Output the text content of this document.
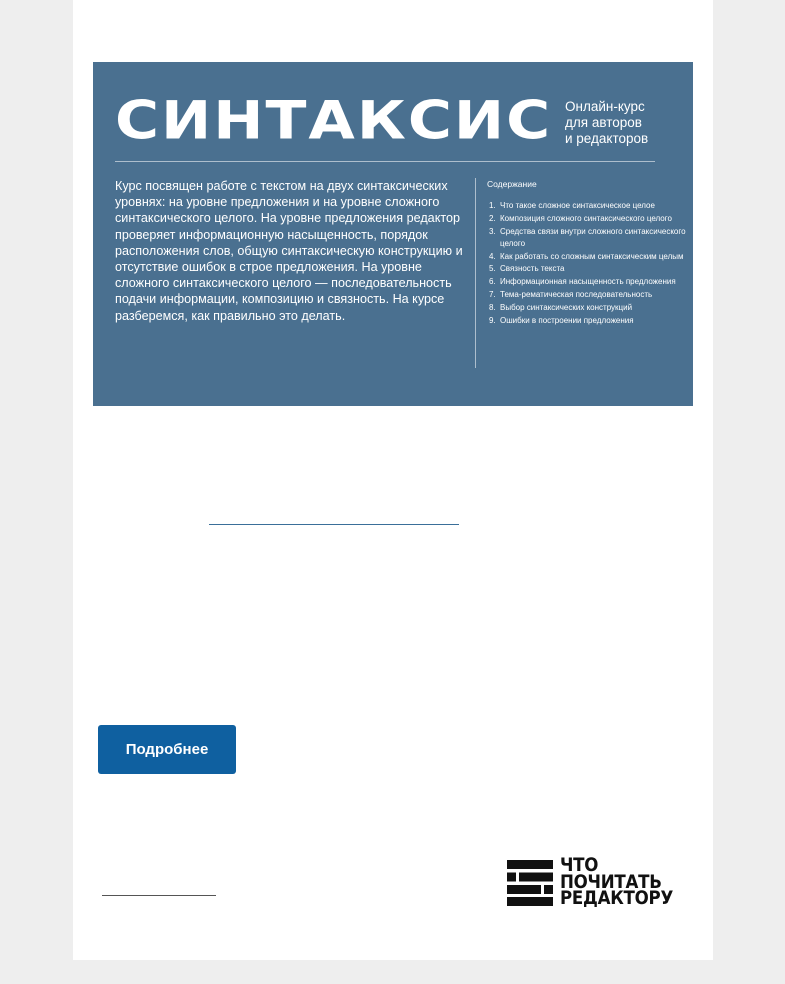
СИНТАКСИС Онлайн-курс
для авторов
и редакторов
Курс посвящен работе с текстом на двух синтаксических уровнях: на уровне предложения и на уровне сложного синтаксического целого. На уровне предложения редактор проверяет информационную насыщенность, порядок расположения слов, общую синтаксическую конструкцию и отсутствие ошибок в строе предложения. На уровне сложного синтаксического целого — последовательность подачи информации, композицию и связность. На курсе разберемся, как правильно это делать.
Содержание
1. Что такое сложное синтаксическое целое
2. Композиция сложного синтаксического целого
3. Средства связи внутри сложного синтаксического целого
4. Как работать со сложным синтаксическим целым
5. Связность текста
6. Информационная насыщенность предложения
7. Тема-рематическая последовательность
8. Выбор синтаксических конструкций
9. Ошибки в построении предложения
Подробнее
ЧТО
ПОЧИТАТЬ
РЕДАКТОРУ
